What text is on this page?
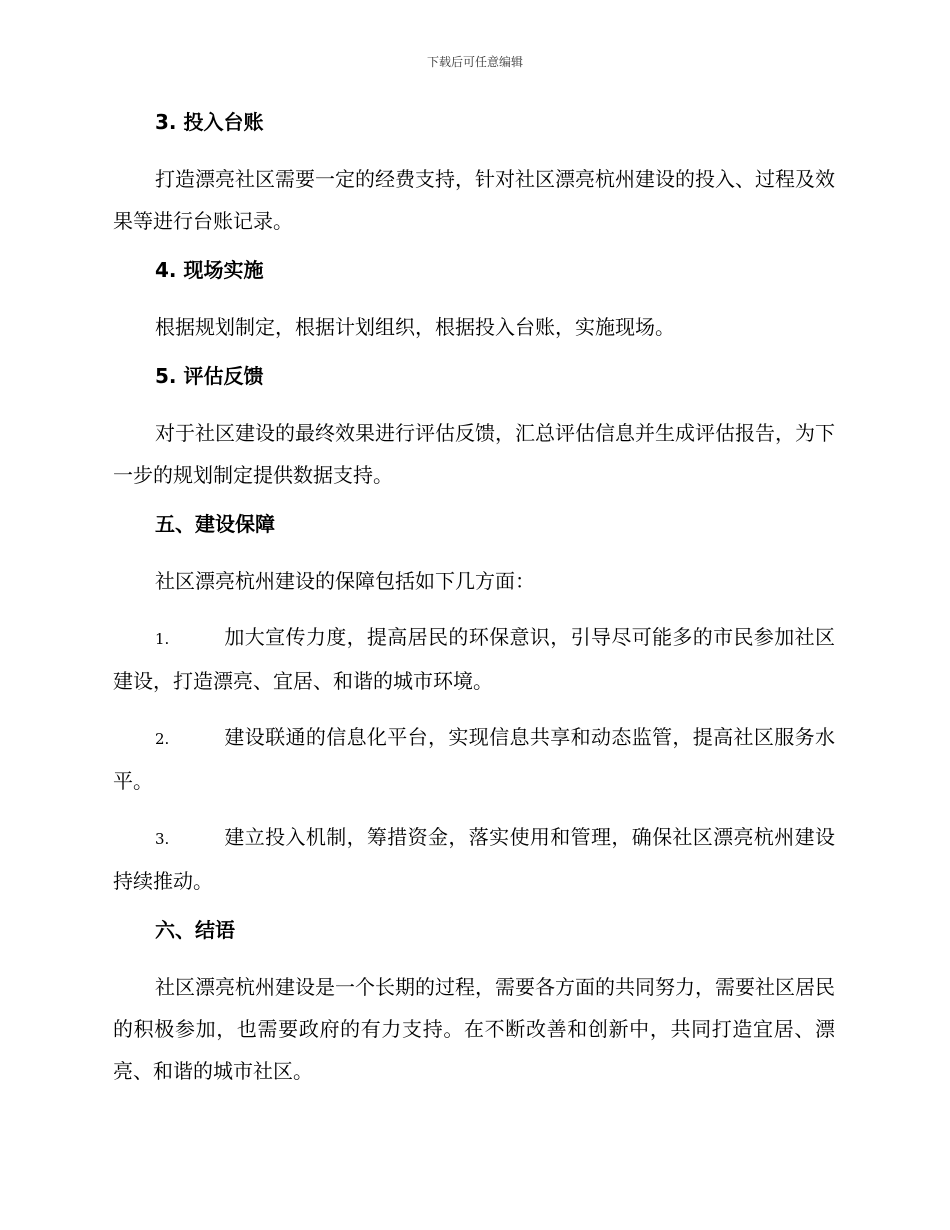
下载后可任意编辑

3. 投入台账

打造漂亮社区需要一定的经费支持，针对社区漂亮杭州建设的投入、过程及效果等进行台账记录。

4. 现场实施

根据规划制定，根据计划组织，根据投入台账，实施现场。

5. 评估反馈

对于社区建设的最终效果进行评估反馈，汇总评估信息并生成评估报告，为下一步的规划制定提供数据支持。

五、建设保障

社区漂亮杭州建设的保障包括如下几方面：

1.	加大宣传力度，提高居民的环保意识，引导尽可能多的市民参加社区建设，打造漂亮、宜居、和谐的城市环境。

2.	建设联通的信息化平台，实现信息共享和动态监管，提高社区服务水平。

3.	建立投入机制，筹措资金，落实使用和管理，确保社区漂亮杭州建设持续推动。

六、结语

社区漂亮杭州建设是一个长期的过程，需要各方面的共同努力，需要社区居民的积极参加，也需要政府的有力支持。在不断改善和创新中，共同打造宜居、漂亮、和谐的城市社区。
